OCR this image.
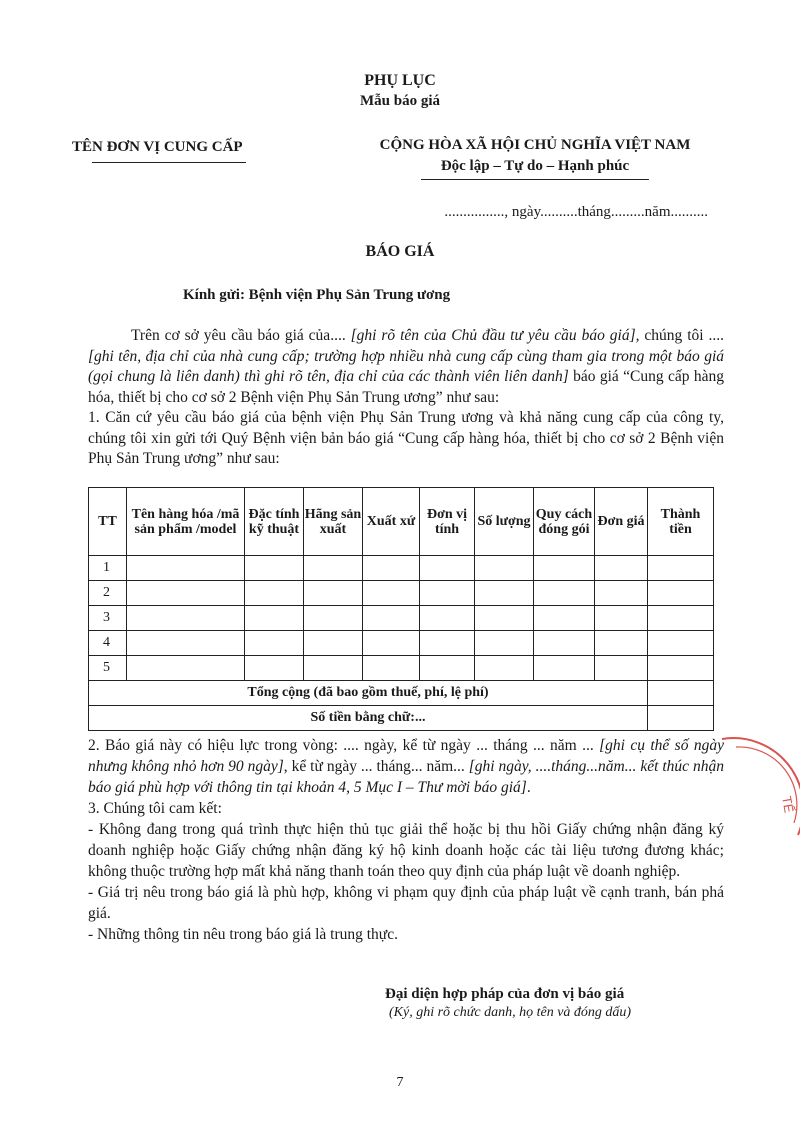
PHỤ LỤC
Mẫu báo giá
TÊN ĐƠN VỊ CUNG CẤP	CỘNG HÒA XÃ HỘI CHỦ NGHĨA VIỆT NAM
Độc lập – Tự do – Hạnh phúc
................, ngày..........tháng.........năm..........
BÁO GIÁ
Kính gửi: Bệnh viện Phụ Sản Trung ương

Trên cơ sở yêu cầu báo giá của.... [ghi rõ tên của Chủ đầu tư yêu cầu báo giá], chúng tôi .... [ghi tên, địa chỉ của nhà cung cấp; trường hợp nhiều nhà cung cấp cùng tham gia trong một báo giá (gọi chung là liên danh) thì ghi rõ tên, địa chỉ của các thành viên liên danh] báo giá “Cung cấp hàng hóa, thiết bị cho cơ sở 2 Bệnh viện Phụ Sản Trung ương” như sau:

1. Căn cứ yêu cầu báo giá của bệnh viện Phụ Sản Trung ương và khả năng cung cấp của công ty, chúng tôi xin gửi tới Quý Bệnh viện bản báo giá “Cung cấp hàng hóa, thiết bị cho cơ sở 2 Bệnh viện Phụ Sản Trung ương” như sau:

TT	Tên hàng hóa /mã sản phẩm /model	Đặc tính kỹ thuật	Hãng sản xuất	Xuất xứ	Đơn vị tính	Số lượng	Quy cách đóng gói	Đơn giá	Thành tiền
1									
2									
3									
4									
5									
Tổng cộng (đã bao gồm thuế, phí, lệ phí)									
Số tiền bằng chữ:...									

2. Báo giá này có hiệu lực trong vòng: .... ngày, kể từ ngày ... tháng ... năm ... [ghi cụ thể số ngày nhưng không nhỏ hơn 90 ngày], kể từ ngày ... tháng... năm... [ghi ngày, ....tháng...năm... kết thúc nhận báo giá phù hợp với thông tin tại khoản 4, 5 Mục I – Thư mời báo giá].

3. Chúng tôi cam kết:

- Không đang trong quá trình thực hiện thủ tục giải thể hoặc bị thu hồi Giấy chứng nhận đăng ký doanh nghiệp hoặc Giấy chứng nhận đăng ký hộ kinh doanh hoặc các tài liệu tương đương khác; không thuộc trường hợp mất khả năng thanh toán theo quy định của pháp luật về doanh nghiệp.

- Giá trị nêu trong báo giá là phù hợp, không vi phạm quy định của pháp luật về cạnh tranh, bán phá giá.

- Những thông tin nêu trong báo giá là trung thực.

Đại diện hợp pháp của đơn vị báo giá
(Ký, ghi rõ chức danh, họ tên và đóng dấu)
7
TẾ
